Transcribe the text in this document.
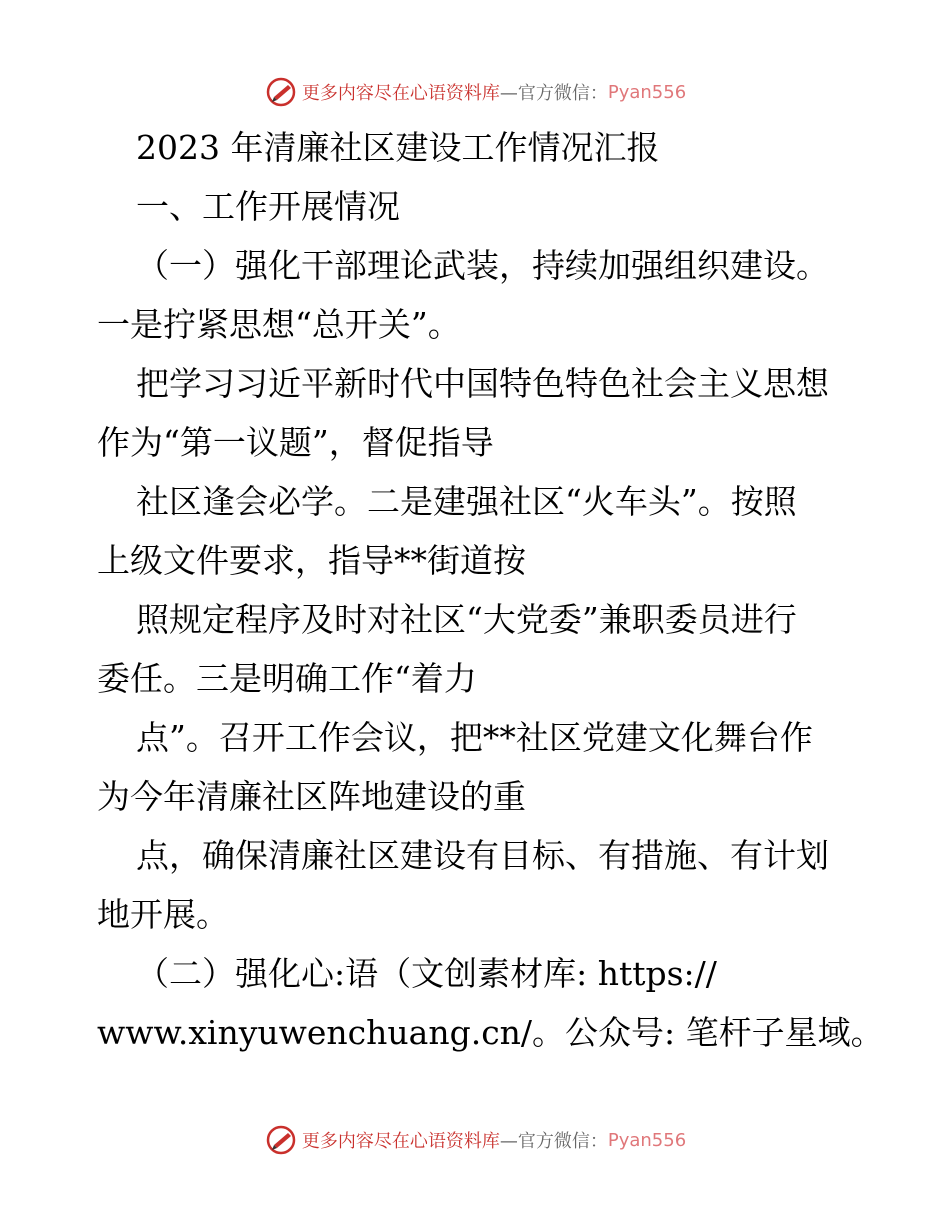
更多内容尽在心语资料库 —官方微信： Pyan556

2023 年清廉社区建设工作情况汇报

一、工作开展情况

（一）强化干部理论武装，持续加强组织建设。

一是拧紧思想“总开关”。

把学习习近平新时代中国特色特色社会主义思想

作为“第一议题”，督促指导

社区逢会必学。二是建强社区“火车头”。按照

上级文件要求，指导**街道按

照规定程序及时对社区“大党委”兼职委员进行

委任。三是明确工作“着力

点”。召开工作会议，把**社区党建文化舞台作

为今年清廉社区阵地建设的重

点，确保清廉社区建设有目标、有措施、有计划

地开展。

（二）强化心:语（文创素材库: https://

www.xinyuwenchuang.cn/。公众号: 笔杆子星域。

更多内容尽在心语资料库 —官方微信： Pyan556
